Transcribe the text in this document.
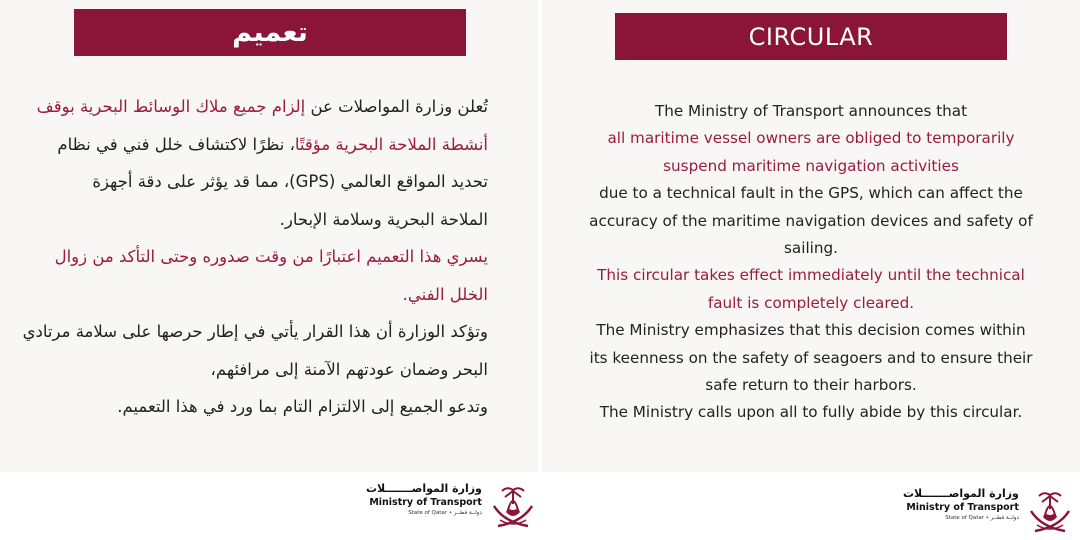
تعميم
تُعلن وزارة المواصلات عن إلزام جميع ملاك الوسائط البحرية بوقف
أنشطة الملاحة البحرية مؤقتًا، نظرًا لاكتشاف خلل فني في نظام
تحديد المواقع العالمي (GPS)، مما قد يؤثر على دقة أجهزة
الملاحة البحرية وسلامة الإبحار.
يسري هذا التعميم اعتبارًا من وقت صدوره وحتى التأكد من زوال
الخلل الفني.
وتؤكد الوزارة أن هذا القرار يأتي في إطار حرصها على سلامة مرتادي
البحر وضمان عودتهم الآمنة إلى مرافئهم،
وتدعو الجميع إلى الالتزام التام بما ورد في هذا التعميم.
CIRCULAR
The Ministry of Transport announces that
all maritime vessel owners are obliged to temporarily
suspend maritime navigation activities
due to a technical fault in the GPS, which can affect the
accuracy of the maritime navigation devices and safety of
sailing.
This circular takes effect immediately until the technical
fault is completely cleared.
The Ministry emphasizes that this decision comes within
its keenness on the safety of seagoers and to ensure their
safe return to their harbors.
The Ministry calls upon all to fully abide by this circular.
وزارة المواصـــــــلات
Ministry of Transport
State of Qatar • دولــة قطــر
وزارة المواصـــــــلات
Ministry of Transport
State of Qatar • دولــة قطــر
